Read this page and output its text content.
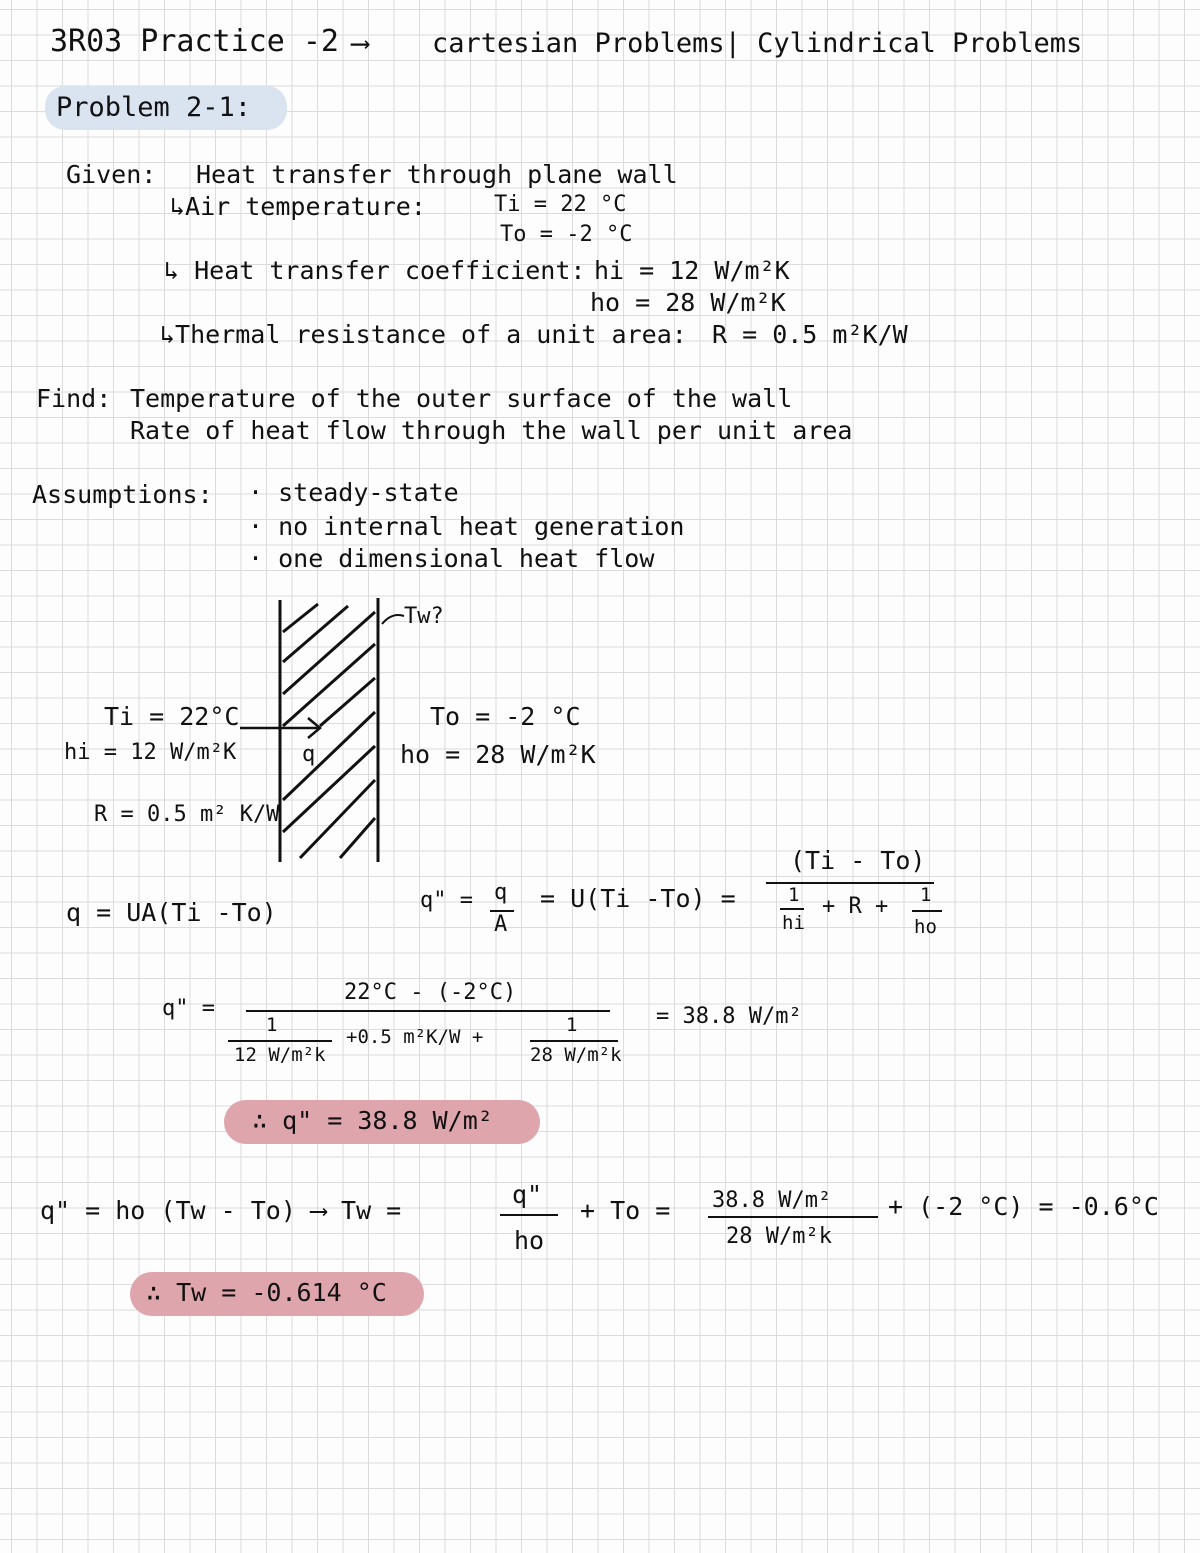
3R03 Practice -2 ⟶ cartesian Problems| Cylindrical Problems
Problem 2-1:
Given: Heat transfer through plane wall
↳Air temperature:	Ti = 22 °C
To = -2 °C
↳ Heat transfer coefficient: hi = 12 W/m²K
ho = 28 W/m²K
↳Thermal resistance of a unit area: R = 0.5 m²K/W
Find: Temperature of the outer surface of the wall
Rate of heat flow through the wall per unit area
Assumptions: · steady-state
· no internal heat generation
· one dimensional heat flow
Tw?
Ti = 22°C
hi = 12 W/m²K	q
R = 0.5 m² K/W
To = -2 °C
ho = 28 W/m²K
q = UA(Ti -To)	q" = q
A
= U(Ti -To) =
(Ti - To)
1
hi
+ R + 1
ho
q" =
22°C - (-2°C)
1
12 W/m²k
+0.5 m²K/W +
1
28 W/m²k
= 38.8 W/m²
∴ q" = 38.8 W/m²
q" = ho (Tw - To) ⟶ Tw =
q"
ho
+ To = 38.8 W/m²
28 W/m²k
+ (-2 °C) = -0.6°C
∴ Tw = -0.614 °C
